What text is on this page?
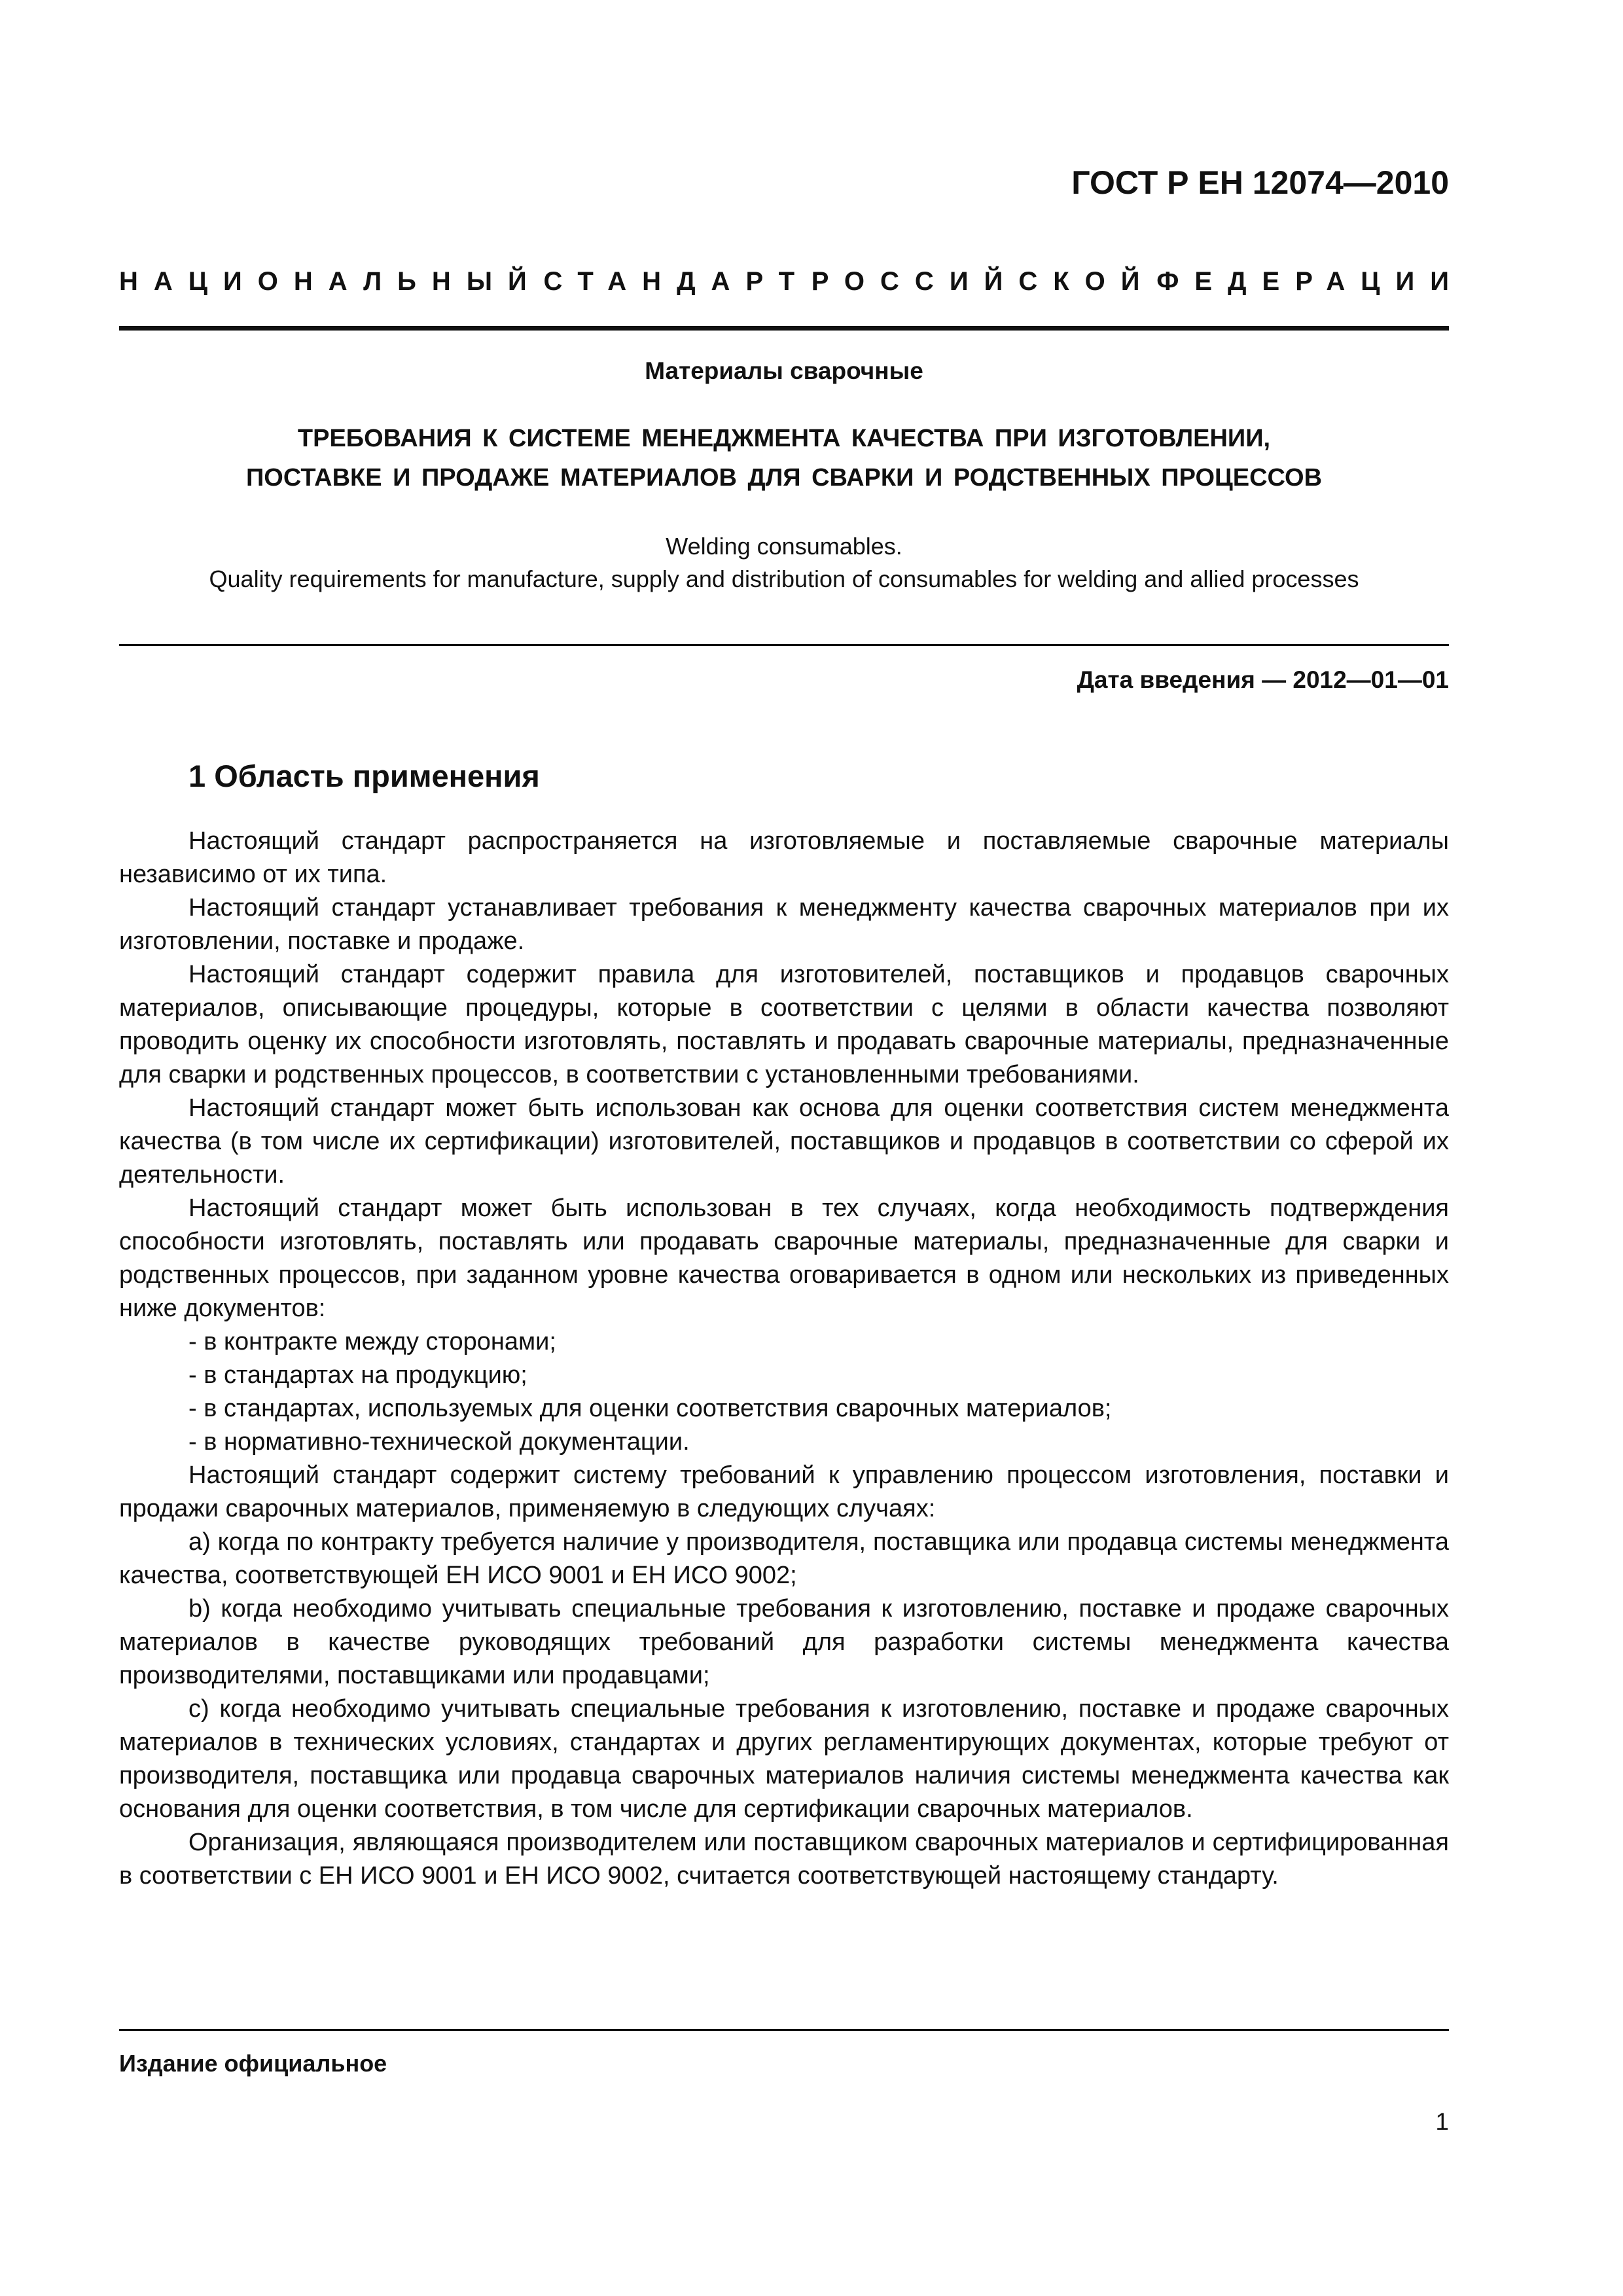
ГОСТ Р ЕН 12074—2010
НАЦИОНАЛЬНЫЙ СТАНДАРТ РОССИЙСКОЙ ФЕДЕРАЦИИ
Материалы сварочные
ТРЕБОВАНИЯ К СИСТЕМЕ МЕНЕДЖМЕНТА КАЧЕСТВА ПРИ ИЗГОТОВЛЕНИИ,
ПОСТАВКЕ И ПРОДАЖЕ МАТЕРИАЛОВ ДЛЯ СВАРКИ И РОДСТВЕННЫХ ПРОЦЕССОВ
Welding consumables.
Quality requirements for manufacture, supply and distribution of consumables for welding and allied processes
Дата введения — 2012—01—01
1 Область применения

Настоящий стандарт распространяется на изготовляемые и поставляемые сварочные материалы независимо от их типа.

Настоящий стандарт устанавливает требования к менеджменту качества сварочных материалов при их изготовлении, поставке и продаже.

Настоящий стандарт содержит правила для изготовителей, поставщиков и продавцов сварочных материалов, описывающие процедуры, которые в соответствии с целями в области качества позволяют проводить оценку их способности изготовлять, поставлять и продавать сварочные материалы, предназначенные для сварки и родственных процессов, в соответствии с установленными требованиями.

Настоящий стандарт может быть использован как основа для оценки соответствия систем менеджмента качества (в том числе их сертификации) изготовителей, поставщиков и продавцов в соответствии со сферой их деятельности.

Настоящий стандарт может быть использован в тех случаях, когда необходимость подтверждения способности изготовлять, поставлять или продавать сварочные материалы, предназначенные для сварки и родственных процессов, при заданном уровне качества оговаривается в одном или нескольких из приведенных ниже документов:

- в контракте между сторонами;

- в стандартах на продукцию;

- в стандартах, используемых для оценки соответствия сварочных материалов;

- в нормативно-технической документации.

Настоящий стандарт содержит систему требований к управлению процессом изготовления, поставки и продажи сварочных материалов, применяемую в следующих случаях:

a) когда по контракту требуется наличие у производителя, поставщика или продавца системы менеджмента качества, соответствующей ЕН ИСО 9001 и ЕН ИСО 9002;

b) когда необходимо учитывать специальные требования к изготовлению, поставке и продаже сварочных материалов в качестве руководящих требований для разработки системы менеджмента качества производителями, поставщиками или продавцами;

c) когда необходимо учитывать специальные требования к изготовлению, поставке и продаже сварочных материалов в технических условиях, стандартах и других регламентирующих документах, которые требуют от производителя, поставщика или продавца сварочных материалов наличия системы менеджмента качества как основания для оценки соответствия, в том числе для сертификации сварочных материалов.

Организация, являющаяся производителем или поставщиком сварочных материалов и сертифицированная в соответствии с ЕН ИСО 9001 и ЕН ИСО 9002, считается соответствующей настоящему стандарту.

Издание официальное
1
